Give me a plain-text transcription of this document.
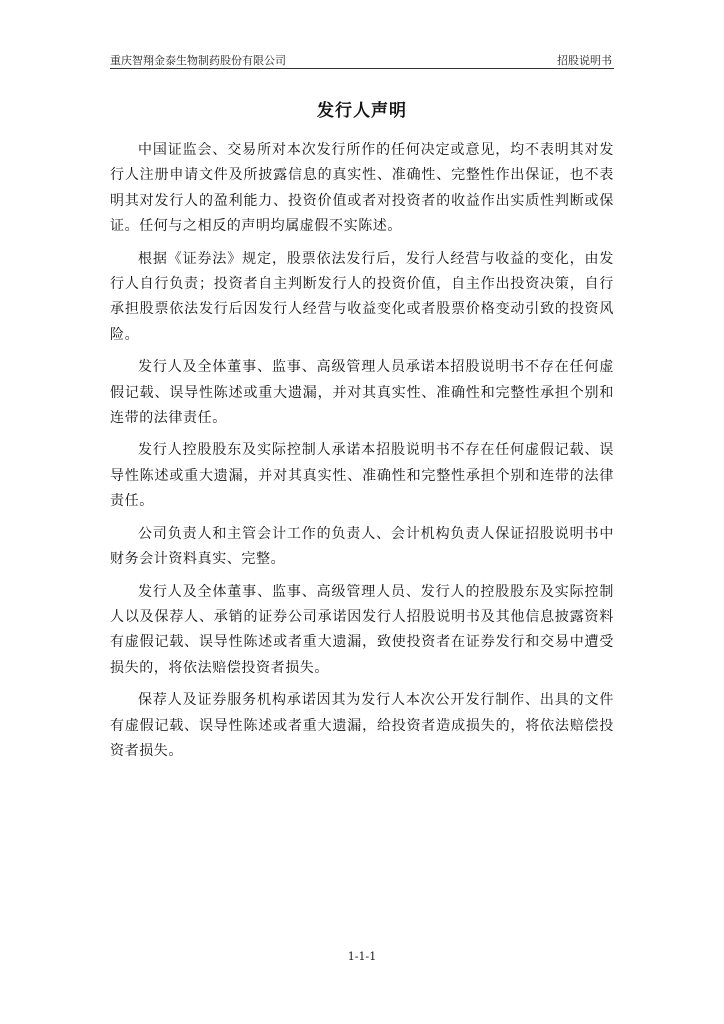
重庆智翔金泰生物制药股份有限公司	招股说明书
发行人声明

中国证监会、交易所对本次发行所作的任何决定或意见，均不表明其对发行人注册申请文件及所披露信息的真实性、准确性、完整性作出保证，也不表明其对发行人的盈利能力、投资价值或者对投资者的收益作出实质性判断或保证。任何与之相反的声明均属虚假不实陈述。

根据《证券法》规定，股票依法发行后，发行人经营与收益的变化，由发行人自行负责；投资者自主判断发行人的投资价值，自主作出投资决策，自行承担股票依法发行后因发行人经营与收益变化或者股票价格变动引致的投资风险。

发行人及全体董事、监事、高级管理人员承诺本招股说明书不存在任何虚假记载、误导性陈述或重大遗漏，并对其真实性、准确性和完整性承担个别和连带的法律责任。

发行人控股股东及实际控制人承诺本招股说明书不存在任何虚假记载、误导性陈述或重大遗漏，并对其真实性、准确性和完整性承担个别和连带的法律责任。

公司负责人和主管会计工作的负责人、会计机构负责人保证招股说明书中财务会计资料真实、完整。

发行人及全体董事、监事、高级管理人员、发行人的控股股东及实际控制人以及保荐人、承销的证券公司承诺因发行人招股说明书及其他信息披露资料有虚假记载、误导性陈述或者重大遗漏，致使投资者在证券发行和交易中遭受损失的，将依法赔偿投资者损失。

保荐人及证券服务机构承诺因其为发行人本次公开发行制作、出具的文件有虚假记载、误导性陈述或者重大遗漏，给投资者造成损失的，将依法赔偿投资者损失。

1-1-1
